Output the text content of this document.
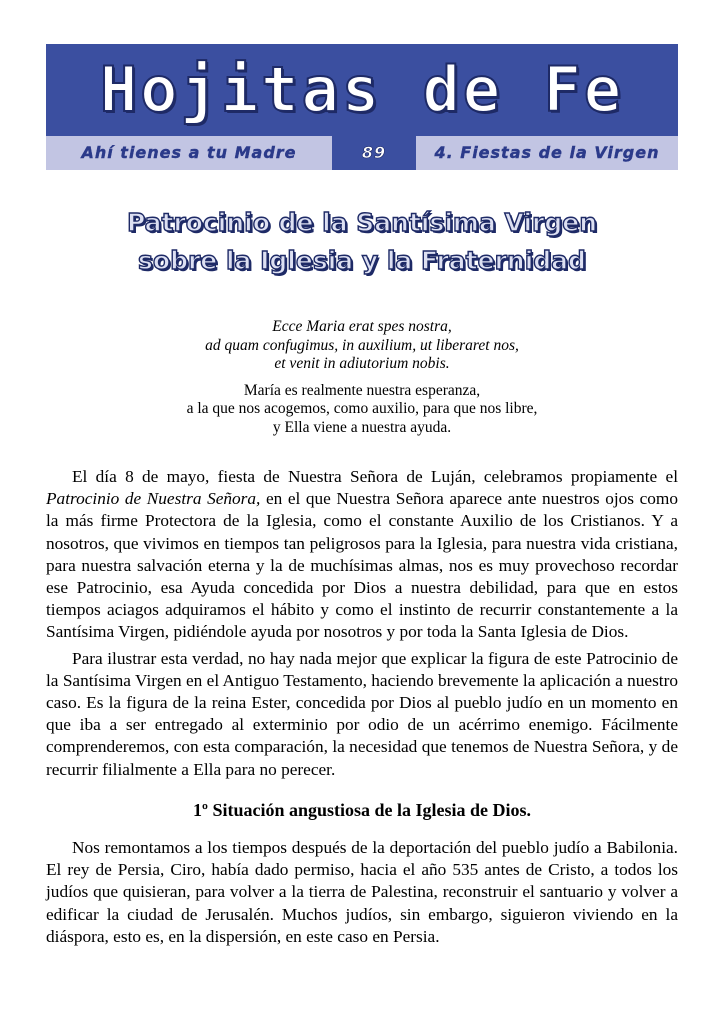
Hojitas de Fe
Ahí tienes a tu Madre	89	4. Fiestas de la Virgen
Patrocinio de la Santísima Virgen
sobre la Iglesia y la Fraternidad

Ecce Maria erat spes nostra,

ad quam confugimus, in auxilium, ut liberaret nos,

et venit in adiutorium nobis.

María es realmente nuestra esperanza,

a la que nos acogemos, como auxilio, para que nos libre,

y Ella viene a nuestra ayuda.

El día 8 de mayo, fiesta de Nuestra Señora de Luján, celebramos propiamente el Patrocinio de Nuestra Señora, en el que Nuestra Señora aparece ante nuestros ojos como la más firme Protectora de la Iglesia, como el constante Auxilio de los Cristianos. Y a nosotros, que vivimos en tiempos tan peligrosos para la Iglesia, para nuestra vida cristiana, para nuestra salvación eterna y la de muchísimas almas, nos es muy provechoso recordar ese Patrocinio, esa Ayuda concedida por Dios a nuestra debilidad, para que en estos tiempos aciagos adquiramos el hábito y como el instinto de recurrir constantemente a la Santísima Virgen, pidiéndole ayuda por nosotros y por toda la Santa Iglesia de Dios.

Para ilustrar esta verdad, no hay nada mejor que explicar la figura de este Patrocinio de la Santísima Virgen en el Antiguo Testamento, haciendo brevemente la aplicación a nuestro caso. Es la figura de la reina Ester, concedida por Dios al pueblo judío en un momento en que iba a ser entregado al exterminio por odio de un acérrimo enemigo. Fácilmente comprenderemos, con esta comparación, la necesidad que tenemos de Nuestra Señora, y de recurrir filialmente a Ella para no perecer.

1º Situación angustiosa de la Iglesia de Dios.

Nos remontamos a los tiempos después de la deportación del pueblo judío a Babilonia. El rey de Persia, Ciro, había dado permiso, hacia el año 535 antes de Cristo, a todos los judíos que quisieran, para volver a la tierra de Palestina, reconstruir el santuario y volver a edificar la ciudad de Jerusalén. Muchos judíos, sin embargo, siguieron viviendo en la diáspora, esto es, en la dispersión, en este caso en Persia.
